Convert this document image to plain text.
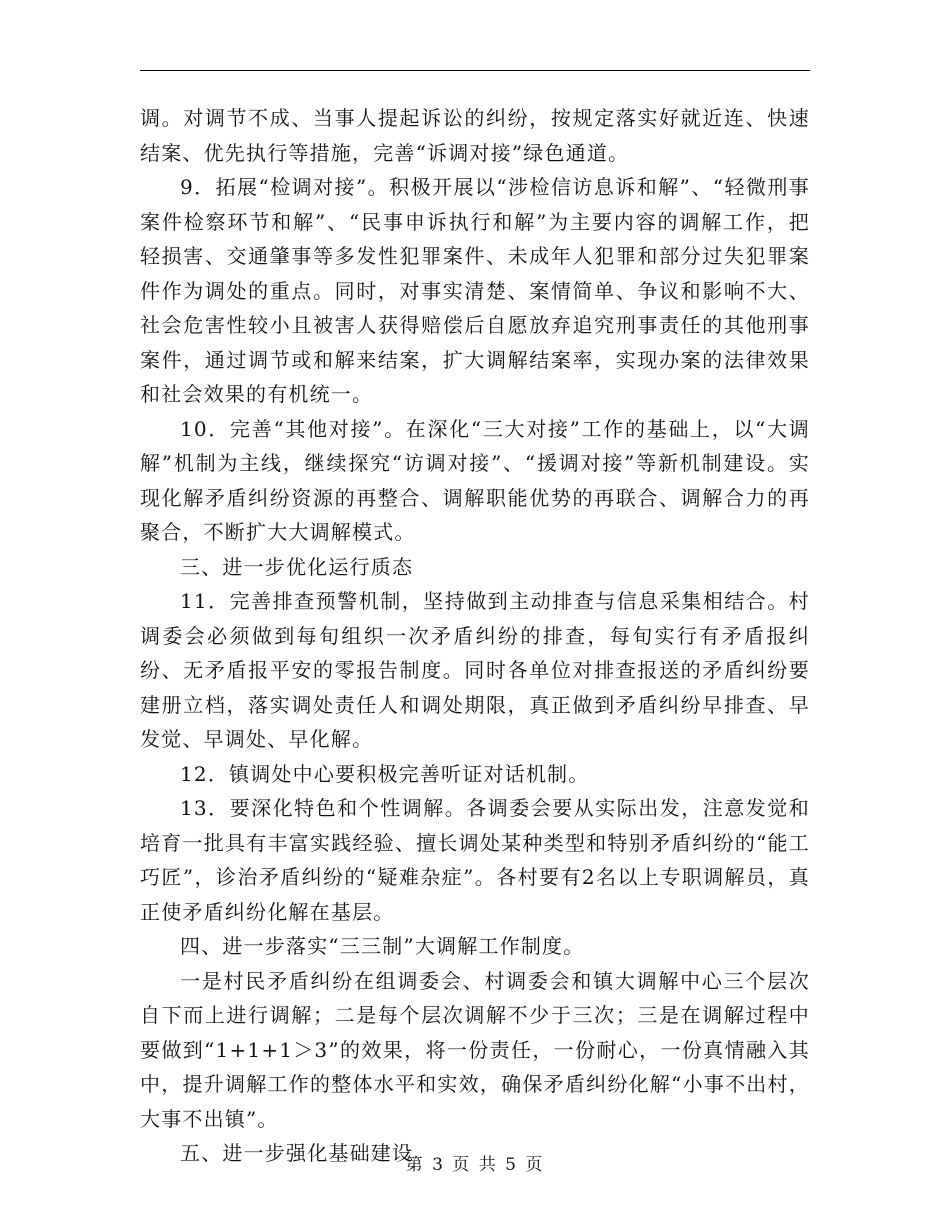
调。对调节不成、当事人提起诉讼的纠纷，按规定落实好就近连、快速结案、优先执行等措施，完善“诉调对接”绿色通道。

9．拓展“检调对接”。积极开展以“涉检信访息诉和解”、“轻微刑事案件检察环节和解”、“民事申诉执行和解”为主要内容的调解工作，把轻损害、交通肇事等多发性犯罪案件、未成年人犯罪和部分过失犯罪案件作为调处的重点。同时，对事实清楚、案情简单、争议和影响不大、社会危害性较小且被害人获得赔偿后自愿放弃追究刑事责任的其他刑事案件，通过调节或和解来结案，扩大调解结案率，实现办案的法律效果和社会效果的有机统一。

10．完善“其他对接”。在深化“三大对接”工作的基础上，以“大调解”机制为主线，继续探究“访调对接”、“援调对接”等新机制建设。实现化解矛盾纠纷资源的再整合、调解职能优势的再联合、调解合力的再聚合，不断扩大大调解模式。

三、进一步优化运行质态

11．完善排查预警机制，坚持做到主动排查与信息采集相结合。村调委会必须做到每旬组织一次矛盾纠纷的排查，每旬实行有矛盾报纠纷、无矛盾报平安的零报告制度。同时各单位对排查报送的矛盾纠纷要建册立档，落实调处责任人和调处期限，真正做到矛盾纠纷早排查、早发觉、早调处、早化解。

12．镇调处中心要积极完善听证对话机制。

13．要深化特色和个性调解。各调委会要从实际出发，注意发觉和培育一批具有丰富实践经验、擅长调处某种类型和特别矛盾纠纷的“能工巧匠”，诊治矛盾纠纷的“疑难杂症”。各村要有2名以上专职调解员，真正使矛盾纠纷化解在基层。

四、进一步落实“三三制”大调解工作制度。

一是村民矛盾纠纷在组调委会、村调委会和镇大调解中心三个层次自下而上进行调解；二是每个层次调解不少于三次；三是在调解过程中要做到“1+1+1＞3”的效果，将一份责任，一份耐心，一份真情融入其中，提升调解工作的整体水平和实效，确保矛盾纠纷化解“小事不出村，大事不出镇”。

五、进一步强化基础建设

第 3 页 共 5 页
